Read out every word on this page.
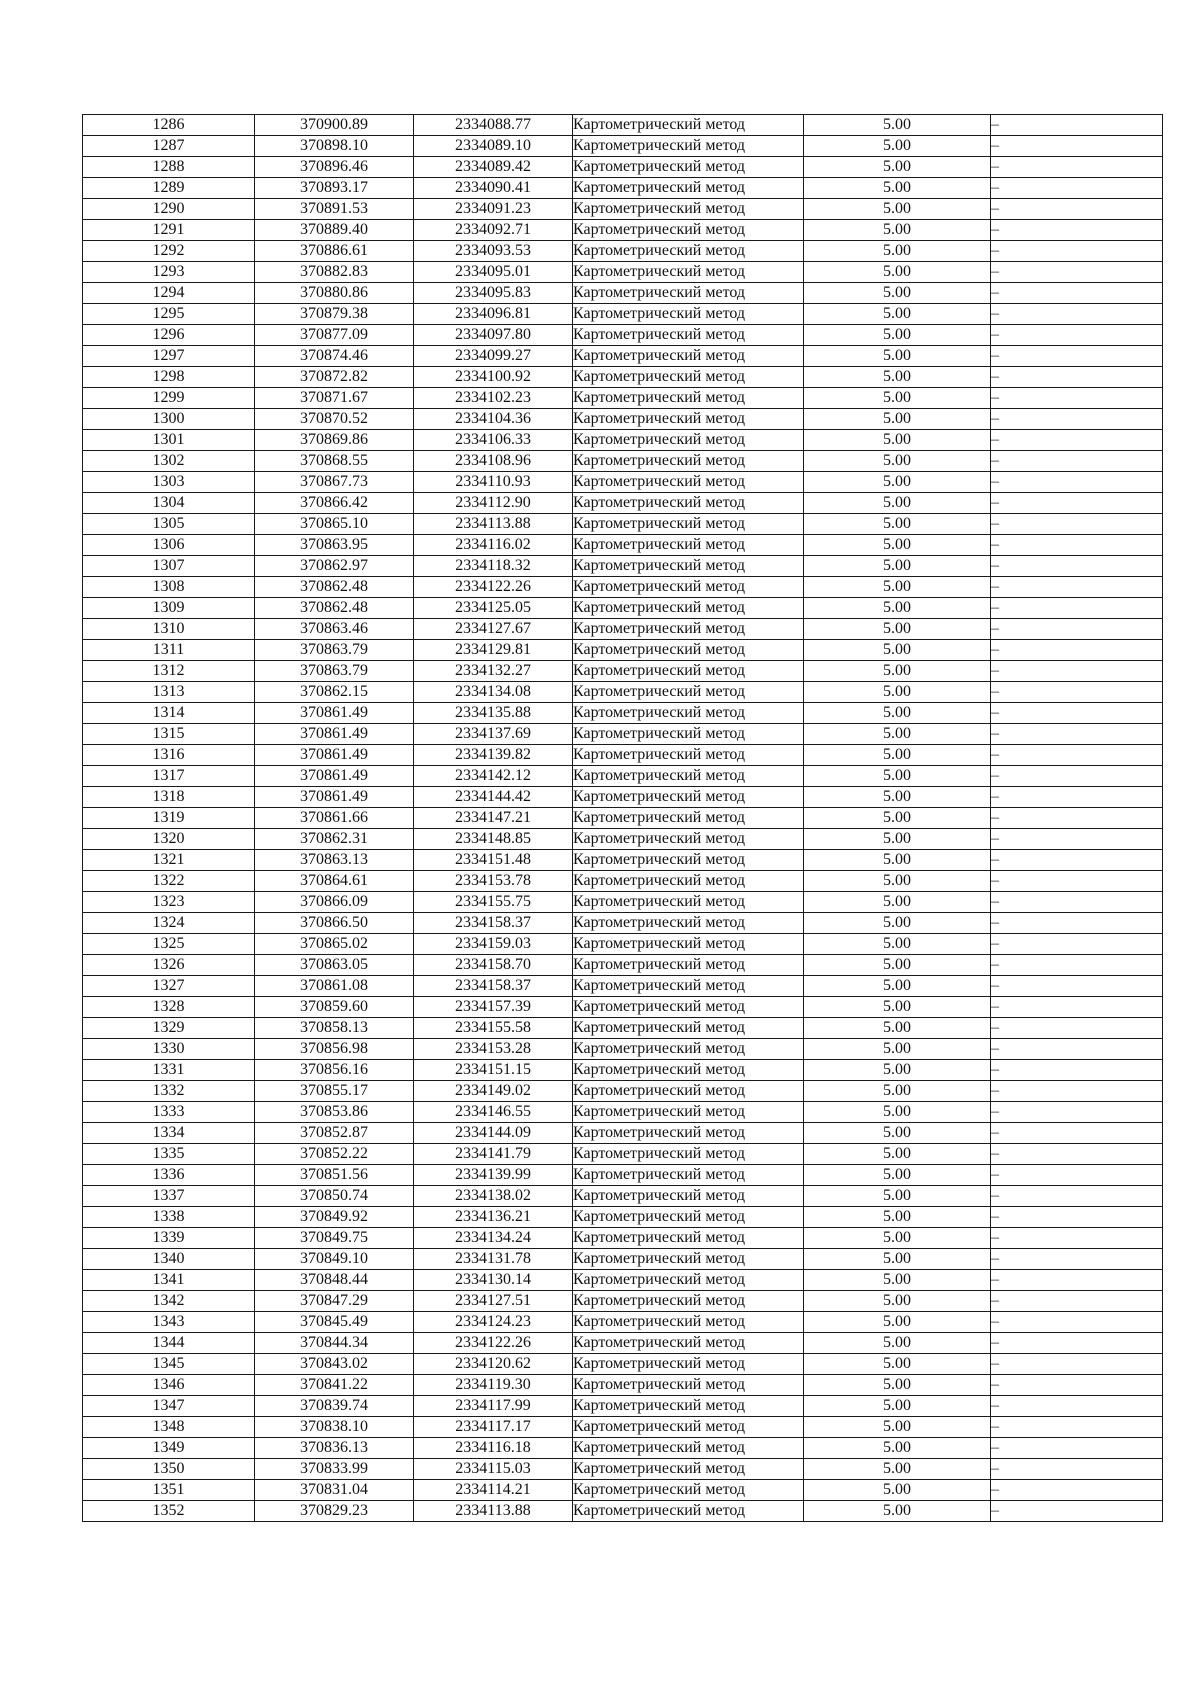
1286	370900.89	2334088.77	Картометрический метод	5.00	–
1287	370898.10	2334089.10	Картометрический метод	5.00	–
1288	370896.46	2334089.42	Картометрический метод	5.00	–
1289	370893.17	2334090.41	Картометрический метод	5.00	–
1290	370891.53	2334091.23	Картометрический метод	5.00	–
1291	370889.40	2334092.71	Картометрический метод	5.00	–
1292	370886.61	2334093.53	Картометрический метод	5.00	–
1293	370882.83	2334095.01	Картометрический метод	5.00	–
1294	370880.86	2334095.83	Картометрический метод	5.00	–
1295	370879.38	2334096.81	Картометрический метод	5.00	–
1296	370877.09	2334097.80	Картометрический метод	5.00	–
1297	370874.46	2334099.27	Картометрический метод	5.00	–
1298	370872.82	2334100.92	Картометрический метод	5.00	–
1299	370871.67	2334102.23	Картометрический метод	5.00	–
1300	370870.52	2334104.36	Картометрический метод	5.00	–
1301	370869.86	2334106.33	Картометрический метод	5.00	–
1302	370868.55	2334108.96	Картометрический метод	5.00	–
1303	370867.73	2334110.93	Картометрический метод	5.00	–
1304	370866.42	2334112.90	Картометрический метод	5.00	–
1305	370865.10	2334113.88	Картометрический метод	5.00	–
1306	370863.95	2334116.02	Картометрический метод	5.00	–
1307	370862.97	2334118.32	Картометрический метод	5.00	–
1308	370862.48	2334122.26	Картометрический метод	5.00	–
1309	370862.48	2334125.05	Картометрический метод	5.00	–
1310	370863.46	2334127.67	Картометрический метод	5.00	–
1311	370863.79	2334129.81	Картометрический метод	5.00	–
1312	370863.79	2334132.27	Картометрический метод	5.00	–
1313	370862.15	2334134.08	Картометрический метод	5.00	–
1314	370861.49	2334135.88	Картометрический метод	5.00	–
1315	370861.49	2334137.69	Картометрический метод	5.00	–
1316	370861.49	2334139.82	Картометрический метод	5.00	–
1317	370861.49	2334142.12	Картометрический метод	5.00	–
1318	370861.49	2334144.42	Картометрический метод	5.00	–
1319	370861.66	2334147.21	Картометрический метод	5.00	–
1320	370862.31	2334148.85	Картометрический метод	5.00	–
1321	370863.13	2334151.48	Картометрический метод	5.00	–
1322	370864.61	2334153.78	Картометрический метод	5.00	–
1323	370866.09	2334155.75	Картометрический метод	5.00	–
1324	370866.50	2334158.37	Картометрический метод	5.00	–
1325	370865.02	2334159.03	Картометрический метод	5.00	–
1326	370863.05	2334158.70	Картометрический метод	5.00	–
1327	370861.08	2334158.37	Картометрический метод	5.00	–
1328	370859.60	2334157.39	Картометрический метод	5.00	–
1329	370858.13	2334155.58	Картометрический метод	5.00	–
1330	370856.98	2334153.28	Картометрический метод	5.00	–
1331	370856.16	2334151.15	Картометрический метод	5.00	–
1332	370855.17	2334149.02	Картометрический метод	5.00	–
1333	370853.86	2334146.55	Картометрический метод	5.00	–
1334	370852.87	2334144.09	Картометрический метод	5.00	–
1335	370852.22	2334141.79	Картометрический метод	5.00	–
1336	370851.56	2334139.99	Картометрический метод	5.00	–
1337	370850.74	2334138.02	Картометрический метод	5.00	–
1338	370849.92	2334136.21	Картометрический метод	5.00	–
1339	370849.75	2334134.24	Картометрический метод	5.00	–
1340	370849.10	2334131.78	Картометрический метод	5.00	–
1341	370848.44	2334130.14	Картометрический метод	5.00	–
1342	370847.29	2334127.51	Картометрический метод	5.00	–
1343	370845.49	2334124.23	Картометрический метод	5.00	–
1344	370844.34	2334122.26	Картометрический метод	5.00	–
1345	370843.02	2334120.62	Картометрический метод	5.00	–
1346	370841.22	2334119.30	Картометрический метод	5.00	–
1347	370839.74	2334117.99	Картометрический метод	5.00	–
1348	370838.10	2334117.17	Картометрический метод	5.00	–
1349	370836.13	2334116.18	Картометрический метод	5.00	–
1350	370833.99	2334115.03	Картометрический метод	5.00	–
1351	370831.04	2334114.21	Картометрический метод	5.00	–
1352	370829.23	2334113.88	Картометрический метод	5.00	–
